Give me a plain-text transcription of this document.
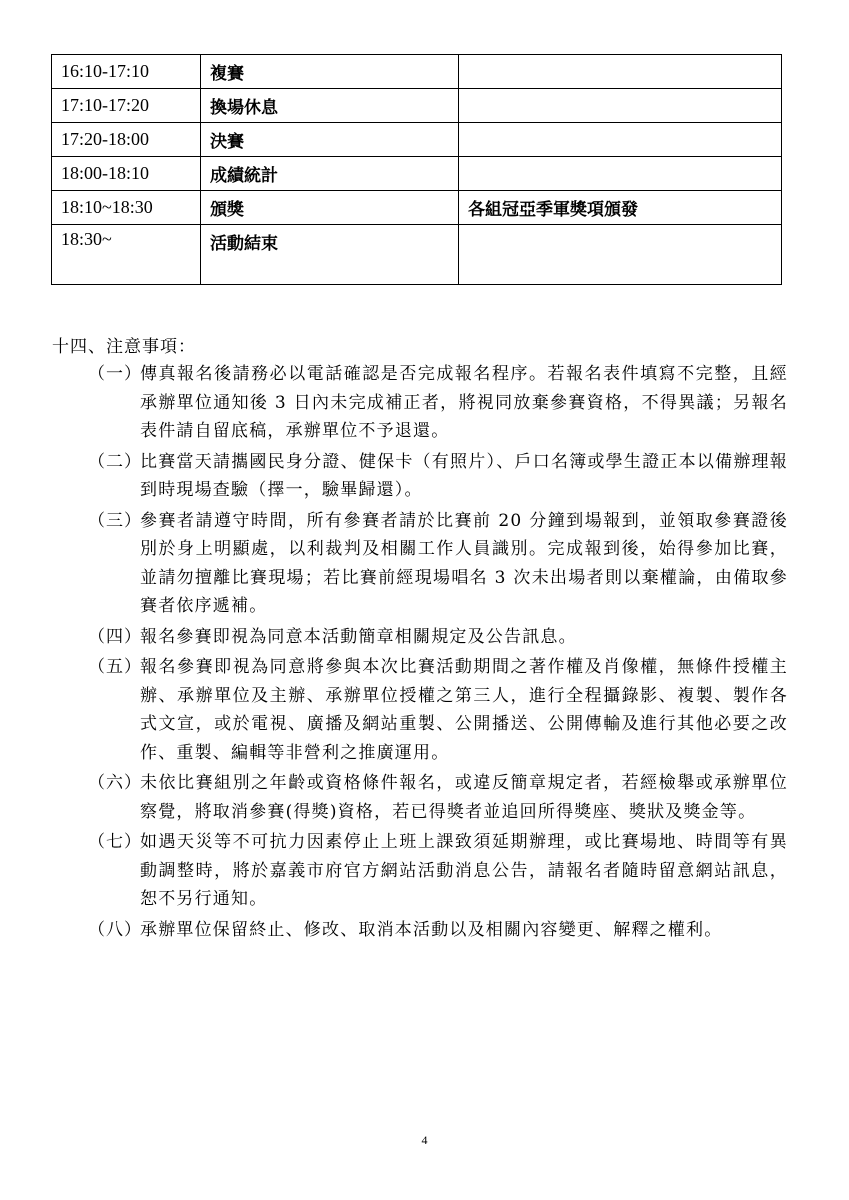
16:10-17:10	複賽	
17:10-17:20	換場休息	
17:20-18:00	決賽	
18:00-18:10	成績統計	
18:10~18:30	頒獎	各組冠亞季軍獎項頒發
18:30~	活動結束	
十四、注意事項：
（一）
傳真報名後請務必以電話確認是否完成報名程序。若報名表件填寫不完整，且經承辦單位通知後 3 日內未完成補正者，將視同放棄參賽資格，不得異議；另報名表件請自留底稿，承辦單位不予退還。
（二）
比賽當天請攜國民身分證、健保卡（有照片）、戶口名簿或學生證正本以備辦理報到時現場查驗（擇一，驗畢歸還）。
（三）
參賽者請遵守時間，所有參賽者請於比賽前 20 分鐘到場報到，並領取參賽證後別於身上明顯處，以利裁判及相關工作人員識別。完成報到後，始得參加比賽，並請勿擅離比賽現場；若比賽前經現場唱名 3 次未出場者則以棄權論，由備取參賽者依序遞補。
（四）
報名參賽即視為同意本活動簡章相關規定及公告訊息。
（五）
報名參賽即視為同意將參與本次比賽活動期間之著作權及肖像權，無條件授權主辦、承辦單位及主辦、承辦單位授權之第三人，進行全程攝錄影、複製、製作各式文宣，或於電視、廣播及網站重製、公開播送、公開傳輸及進行其他必要之改作、重製、編輯等非營利之推廣運用。
（六）
未依比賽組別之年齡或資格條件報名，或違反簡章規定者，若經檢舉或承辦單位察覺，將取消參賽(得獎)資格，若已得獎者並追回所得獎座、獎狀及獎金等。
（七）
如遇天災等不可抗力因素停止上班上課致須延期辦理，或比賽場地、時間等有異動調整時，將於嘉義市府官方網站活動消息公告，請報名者隨時留意網站訊息，恕不另行通知。
（八）
承辦單位保留終止、修改、取消本活動以及相關內容變更、解釋之權利。
4
